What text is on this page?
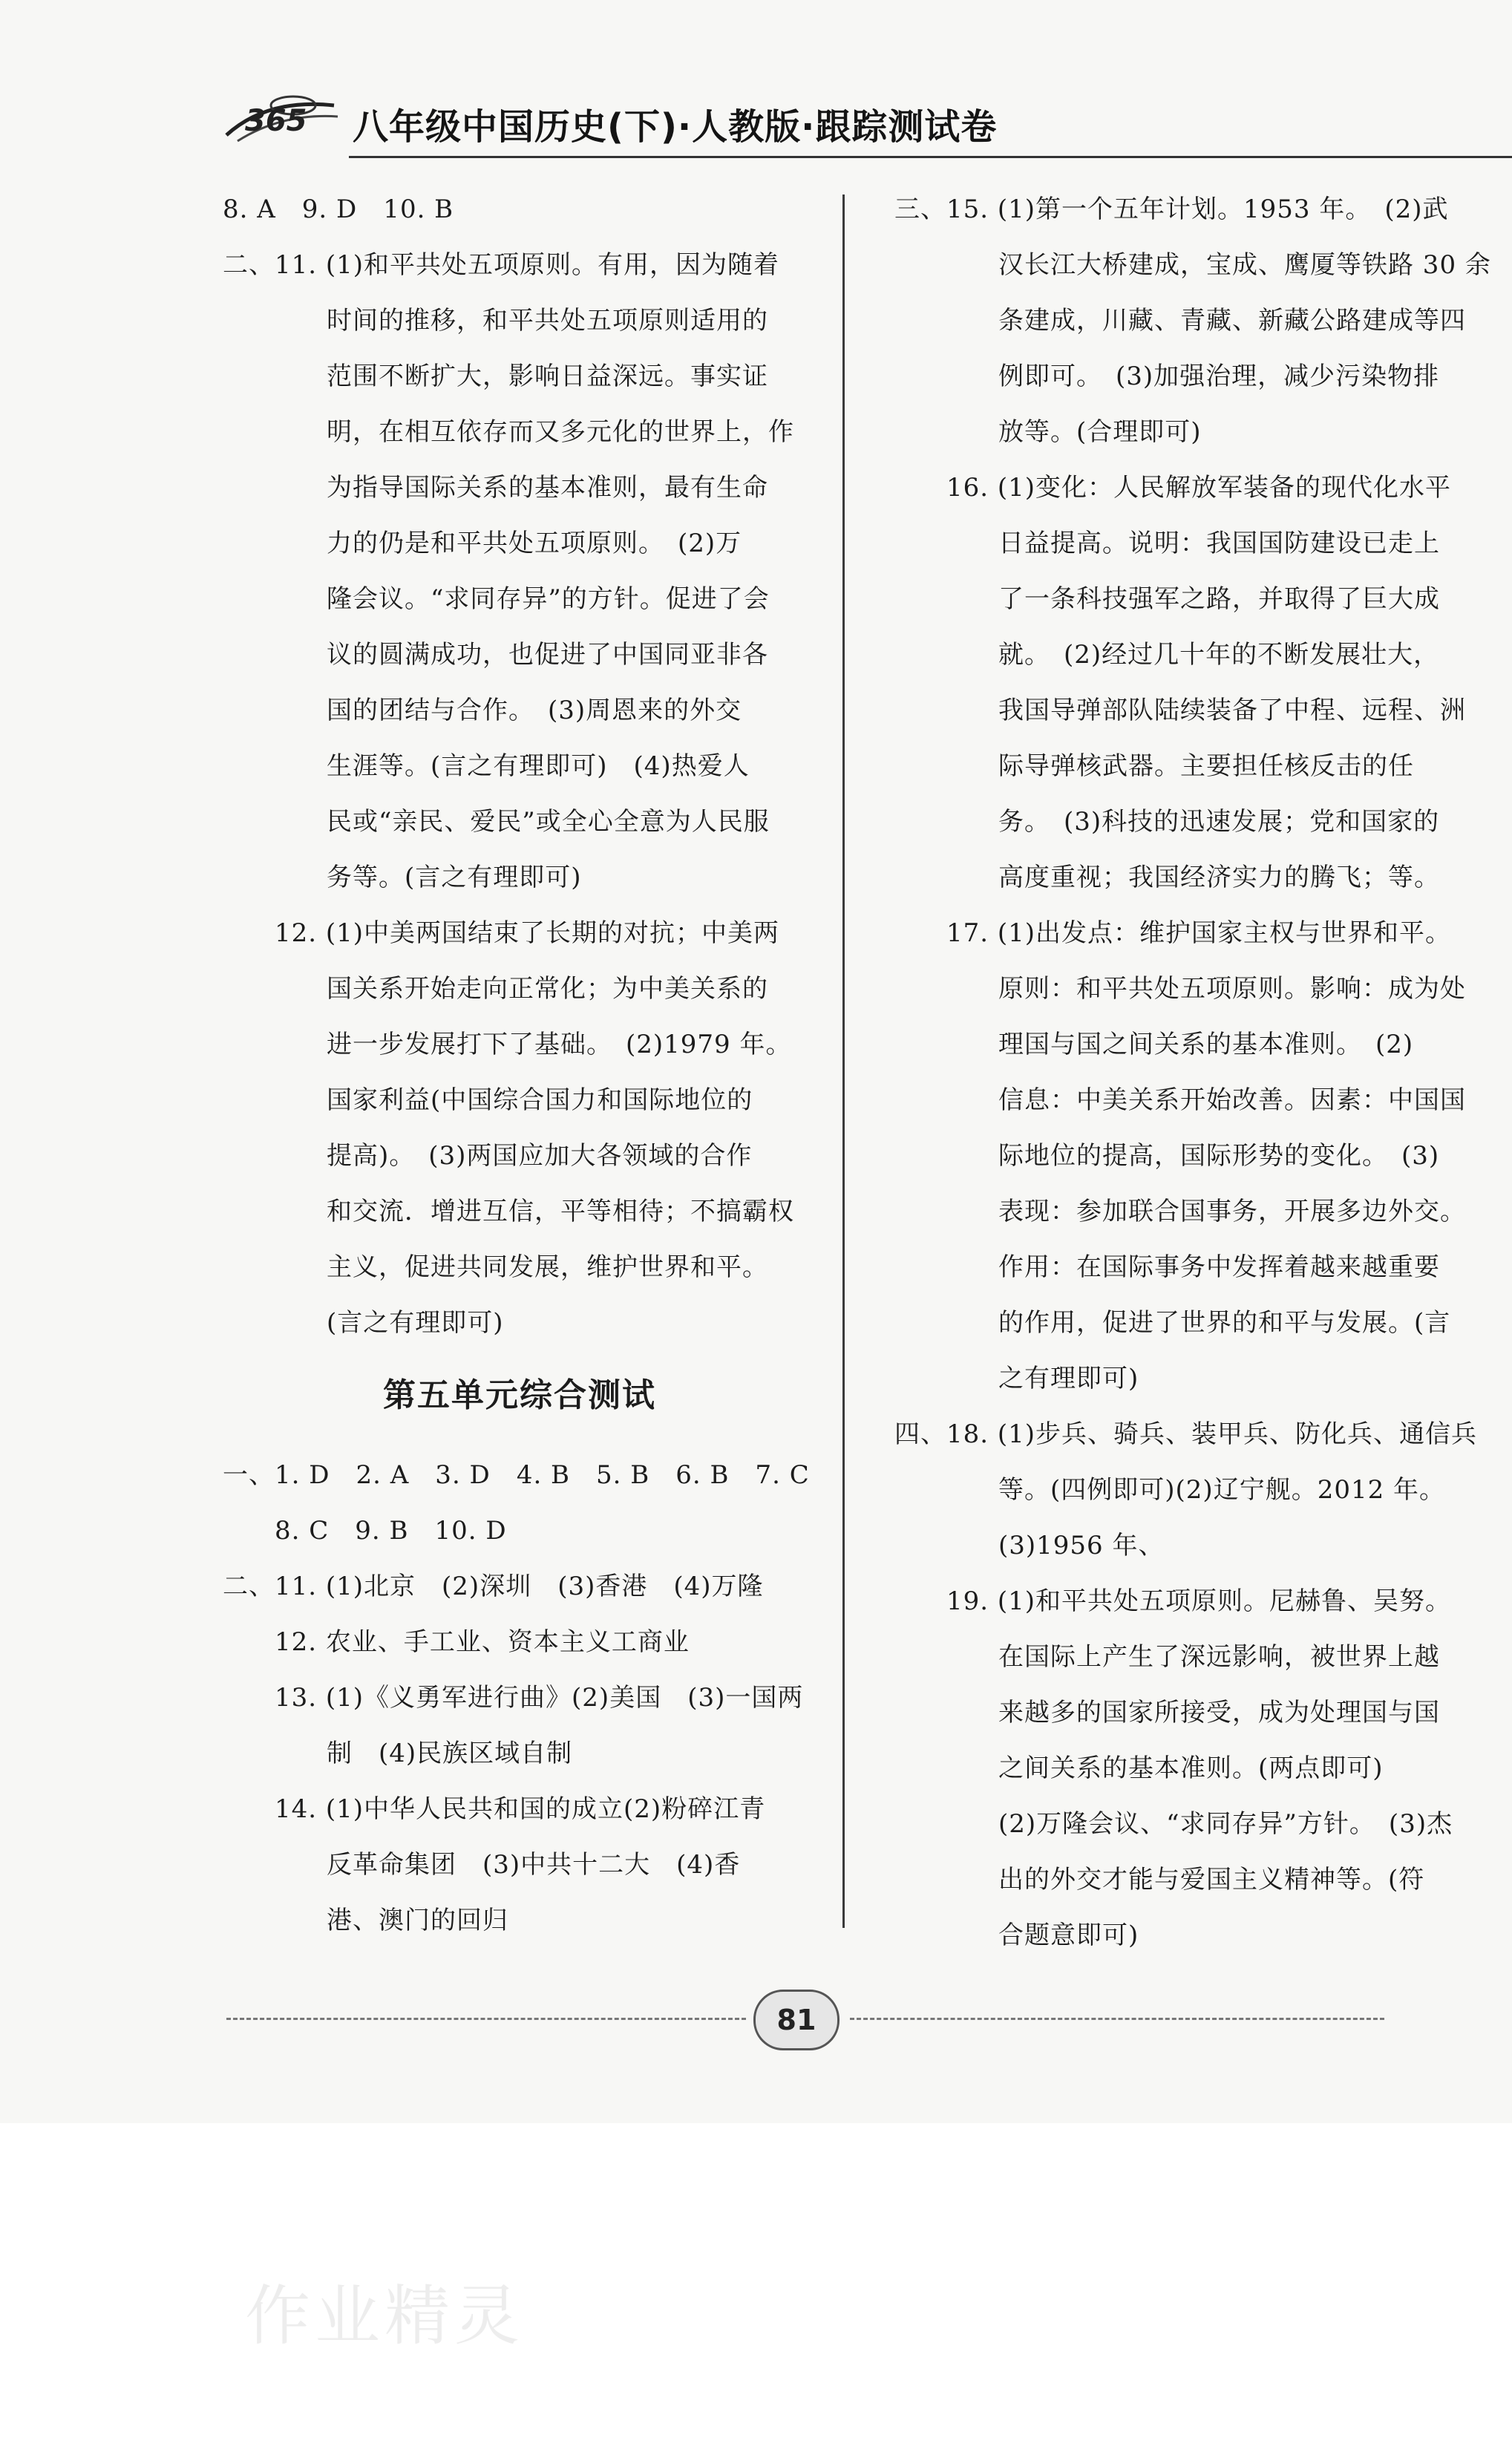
365 八年级中国历史(下)·人教版·跟踪测试卷
8. A　9. D　10. B
二、11. (1)和平共处五项原则。有用，因为随着
　　　　时间的推移，和平共处五项原则适用的
　　　　范围不断扩大，影响日益深远。事实证
　　　　明，在相互依存而又多元化的世界上，作
　　　　为指导国际关系的基本准则，最有生命
　　　　力的仍是和平共处五项原则。　(2)万
　　　　隆会议。“求同存异”的方针。促进了会
　　　　议的圆满成功，也促进了中国同亚非各
　　　　国的团结与合作。　(3)周恩来的外交
　　　　生涯等。(言之有理即可)　(4)热爱人
　　　　民或“亲民、爱民”或全心全意为人民服
　　　　务等。(言之有理即可)
　　12. (1)中美两国结束了长期的对抗；中美两
　　　　国关系开始走向正常化；为中美关系的
　　　　进一步发展打下了基础。　(2)1979 年。
　　　　国家利益(中国综合国力和国际地位的
　　　　提高)。　(3)两国应加大各领域的合作
　　　　和交流．增进互信，平等相待；不搞霸权
　　　　主义，促进共同发展，维护世界和平。
　　　　(言之有理即可)
第五单元综合测试
一、1. D　2. A　3. D　4. B　5. B　6. B　7. C
　　8. C　9. B　10. D
二、11. (1)北京　(2)深圳　(3)香港　(4)万隆
　　12. 农业、手工业、资本主义工商业
　　13. (1)《义勇军进行曲》(2)美国　(3)一国两
　　　　制　(4)民族区域自制
　　14. (1)中华人民共和国的成立(2)粉碎江青
　　　　反革命集团　(3)中共十二大　(4)香
　　　　港、澳门的回归
三、15. (1)第一个五年计划。1953 年。　(2)武
　　　　汉长江大桥建成，宝成、鹰厦等铁路 30 余
　　　　条建成，川藏、青藏、新藏公路建成等四
　　　　例即可。　(3)加强治理，减少污染物排
　　　　放等。(合理即可)
　　16. (1)变化：人民解放军装备的现代化水平
　　　　日益提高。说明：我国国防建设已走上
　　　　了一条科技强军之路，并取得了巨大成
　　　　就。　(2)经过几十年的不断发展壮大，
　　　　我国导弹部队陆续装备了中程、远程、洲
　　　　际导弹核武器。主要担任核反击的任
　　　　务。　(3)科技的迅速发展；党和国家的
　　　　高度重视；我国经济实力的腾飞；等。
　　17. (1)出发点：维护国家主权与世界和平。
　　　　原则：和平共处五项原则。影响：成为处
　　　　理国与国之间关系的基本准则。　(2)
　　　　信息：中美关系开始改善。因素：中国国
　　　　际地位的提高，国际形势的变化。　(3)
　　　　表现：参加联合国事务，开展多边外交。
　　　　作用：在国际事务中发挥着越来越重要
　　　　的作用，促进了世界的和平与发展。(言
　　　　之有理即可)
四、18. (1)步兵、骑兵、装甲兵、防化兵、通信兵
　　　　等。(四例即可)(2)辽宁舰。2012 年。
　　　　(3)1956 年、
　　19. (1)和平共处五项原则。尼赫鲁、吴努。
　　　　在国际上产生了深远影响，被世界上越
　　　　来越多的国家所接受，成为处理国与国
　　　　之间关系的基本准则。(两点即可)
　　　　(2)万隆会议、“求同存异”方针。　(3)杰
　　　　出的外交才能与爱国主义精神等。(符
　　　　合题意即可)
81
作业精灵
